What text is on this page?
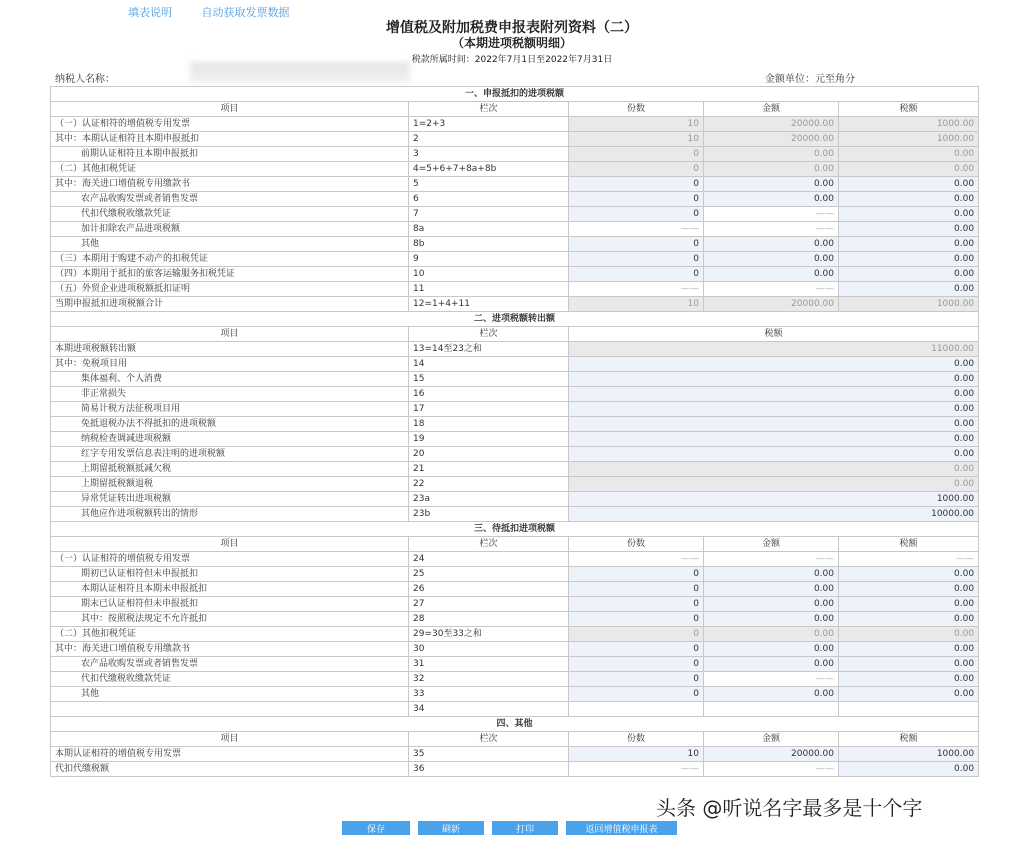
填表说明	自动获取发票数据
增值税及附加税费申报表附列资料（二）
（本期进项税额明细）
税款所属时间：2022年7月1日至2022年7月31日
纳税人名称：	金额单位：元至角分
一、申报抵扣的进项税额				
项目	栏次	份数	金额	税额
（一）认证相符的增值税专用发票	1=2+3	10	20000.00	1000.00
其中：本期认证相符且本期申报抵扣	2	10	20000.00	1000.00
前期认证相符且本期申报抵扣	3	0	0.00	0.00
（二）其他扣税凭证	4=5+6+7+8a+8b	0	0.00	0.00
其中：海关进口增值税专用缴款书	5	0	0.00	0.00
农产品收购发票或者销售发票	6	0	0.00	0.00
代扣代缴税收缴款凭证	7	0	——	0.00
加计扣除农产品进项税额	8a	——	——	0.00
其他	8b	0	0.00	0.00
（三）本期用于购建不动产的扣税凭证	9	0	0.00	0.00
（四）本期用于抵扣的旅客运输服务扣税凭证	10	0	0.00	0.00
（五）外贸企业进项税额抵扣证明	11	——	——	0.00
当期申报抵扣进项税额合计	12=1+4+11	10	20000.00	1000.00
二、进项税额转出额				
项目	栏次	税额		
本期进项税额转出额	13=14至23之和	11000.00		
其中：免税项目用	14	0.00		
集体福利、个人消费	15	0.00		
非正常损失	16	0.00		
简易计税方法征税项目用	17	0.00		
免抵退税办法不得抵扣的进项税额	18	0.00		
纳税检查调减进项税额	19	0.00		
红字专用发票信息表注明的进项税额	20	0.00		
上期留抵税额抵减欠税	21	0.00		
上期留抵税额退税	22	0.00		
异常凭证转出进项税额	23a	1000.00		
其他应作进项税额转出的情形	23b	10000.00		
三、待抵扣进项税额				
项目	栏次	份数	金额	税额
（一）认证相符的增值税专用发票	24	——	——	——
期初已认证相符但未申报抵扣	25	0	0.00	0.00
本期认证相符且本期未申报抵扣	26	0	0.00	0.00
期末已认证相符但未申报抵扣	27	0	0.00	0.00
其中：按照税法规定不允许抵扣	28	0	0.00	0.00
（二）其他扣税凭证	29=30至33之和	0	0.00	0.00
其中：海关进口增值税专用缴款书	30	0	0.00	0.00
农产品收购发票或者销售发票	31	0	0.00	0.00
代扣代缴税收缴款凭证	32	0	——	0.00
其他	33	0	0.00	0.00
	34			
四、其他				
项目	栏次	份数	金额	税额
本期认证相符的增值税专用发票	35	10	20000.00	1000.00
代扣代缴税额	36	——	——	0.00
保存	刷新	打印	返回增值税申报表
头条 @听说名字最多是十个字
